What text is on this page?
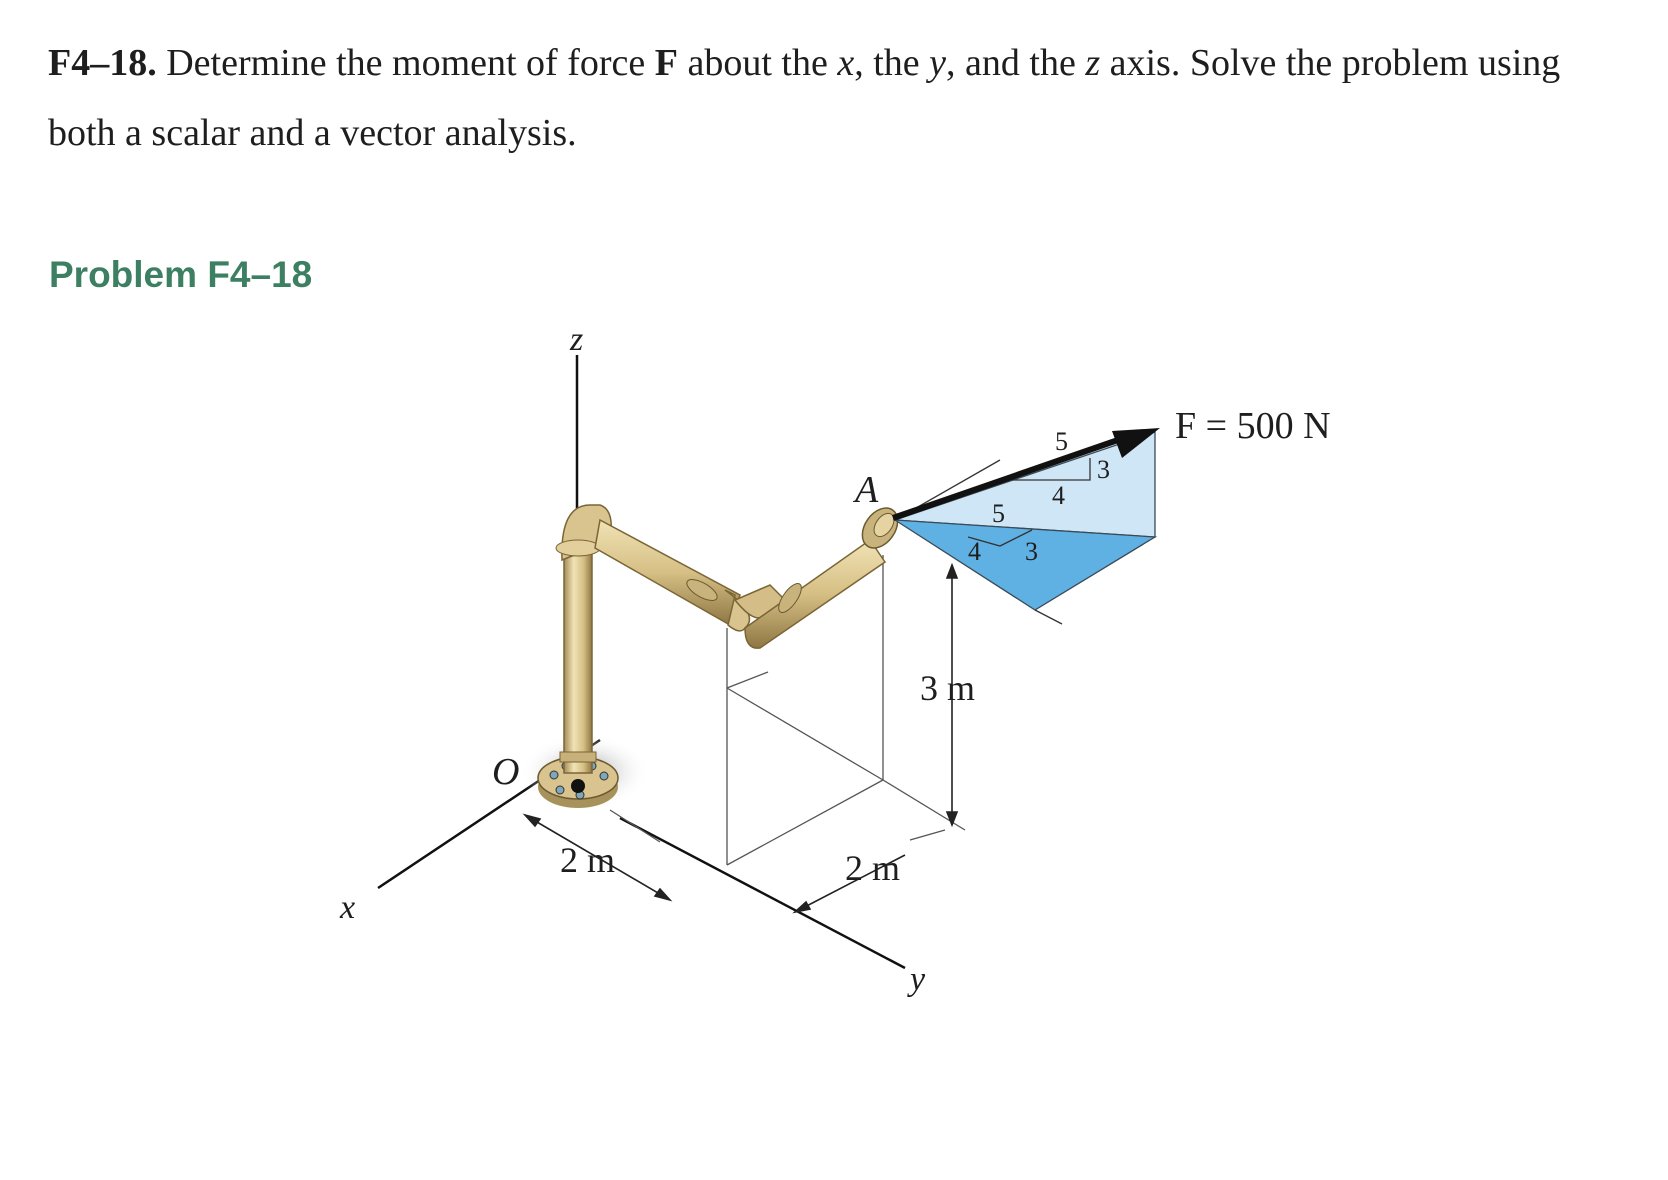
F4–18. Determine the moment of force F about the x, the y, and the z axis. Solve the problem using both a scalar and a vector analysis.

Problem F4–18

z
x
y
O
A
F = 500 N
2 m	2 m
3 m
5
4
3
5
4 3
